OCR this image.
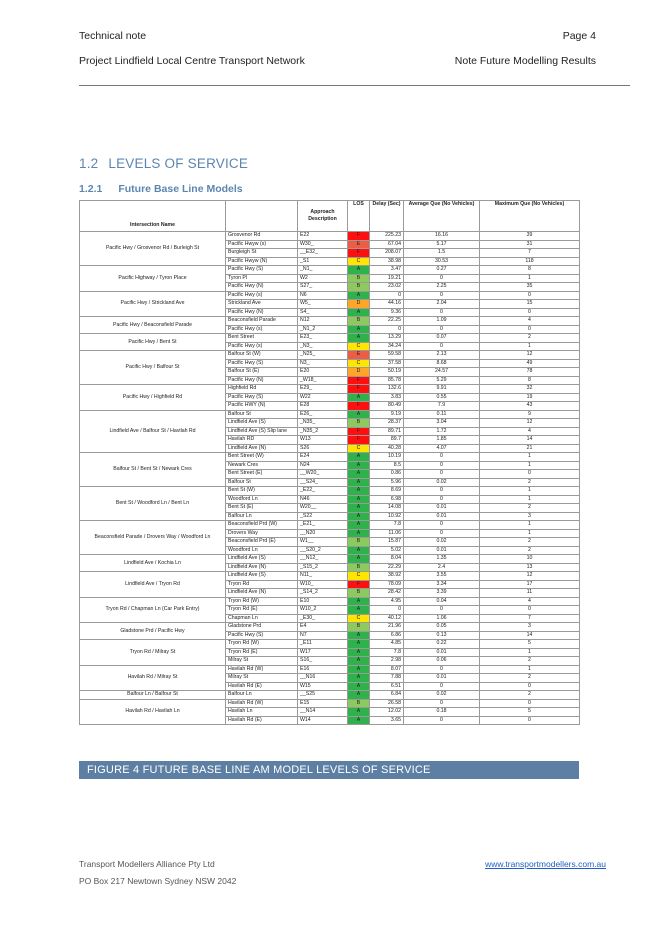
Technical note	Page 4
Project Lindfield Local Centre Transport Network	Note Future Modelling Results
1.2 LEVELS OF SERVICE
1.2.1 Future Base Line Models
Intersection Name		Approach Description	LOS	Delay (Sec)	Average Que (No Vehicles)	Maximum Que (No Vehicles)
Pacific Hwy / Grosvenor Rd / Burleigh St	Grosvenor Rd	E22	F	225.23	16.16	39
	Pacific Hwyw (s)	W30_	E	67.04	5.17	31
	Burgleigh St	__E32_	F	208.07	1.5	7
	Pacific Hwyw (N)	_S1	C	38.98	30.53	118
Pacific Highway / Tyron Place	Pacific Hwy (S)	_N1_	A	3.47	0.27	8
	Tyron Pl	W2	B	19.21	0	1
	Pacific Hwy (N)	S27_	B	23.02	2.25	35
Pacific Hwy / Strickland Ave	Pacific Hwy (s)	N6	A	0	0	0
	Strickland Ave	W5_	D	44.16	2.04	15
	Pacific Hwy (N)	S4_	A	9.36	0	0
Pacific Hwy / Beaconsfield Parade	Beaconsfield Parade	N12	B	22.25	1.09	4
	Pacific Hwy (s)	_N1_2	A	0	0	0
Pacific Hwy / Bent St	Bent Street	E23_	A	13.29	0.07	2
	Pacific Hwy (s)	_N3_	C	34.24	0	1
Pacific Hwy / Balfour St	Balfour St (W)	_N25_	E	59.58	2.13	12
	Pacific Hwy (S)	N3_	C	37.58	8.68	49
	Balfour St (E)	E20	D	50.19	24.57	78
	Pacific Hwy (N)	_W18_	F	85.78	5.29	8
Pacific Hwy / Highfield Rd	Highfield Rd	E29_	F	132.6	9.91	32
	Pacific Hwy (S)	W22	A	3.83	0.55	19
	Pacific HWY (N)	E28	F	80.49	7.9	43
Lindfield Ave / Balfour St / Havilah Rd	Balfour St	E26_	A	9.19	0.11	9
	Lindfield Ave (S)	_N35_	B	28.37	3.04	12
	Lindfield Ave (S) Slip lane	_N35_2	F	89.71	1.72	4
	Havilah RD	W13	F	89.7	1.85	14
	Lindfield Ave (N)	S26	C	40.28	4.07	21
Balfour St / Bent St / Newark Cres	Bent Street (W)	E24	A	10.19	0	1
	Newark Cres	N24	A	8.5	0	1
	Bent Street (E)	__W20_	A	0.86	0	0
	Balfour St	__S24_	A	5.96	0.02	2
Bent St / Woodford Ln / Bent Ln	Bent St (W)	_E22_	A	8.69	0	1
	Woodford Ln	N46	A	6.98	0	1
	Bent St (E)	W20__	A	14.08	0.01	2
	Balfour Ln	_S22	A	10.92	0.01	3
Beaconsfield Parade / Drovers Way / Woodford Ln	Beaconsfield Prd (W)	_E21_	A	7.8	0	1
	Drovers Way	__N20	A	11.06	0	1
	Beaconsfield Prd (E)	W1__	B	15.87	0.02	2
	Woodford Ln	__S20_2	A	5.02	0.01	2
Lindfield Ave / Kochia Ln	Lindfield Ave (S)	__N12_	A	8.04	1.35	10
	Lindfield Ave (N)	_S15_2	B	22.29	2.4	13
Lindfield Ave / Tryon Rd	Lindfield Ave (S)	N11_	C	38.92	3.55	12
	Tryon Rd	W10_	F	78.09	3.34	17
	Lindfield Ave (N)	_S14_2	B	28.42	3.39	11
Tryon Rd / Chapman Ln (Car Park Entry)	Tryon Rd (W)	E10	A	4.95	0.04	4
	Tryon Rd (E)	W10_2	A	0	0	0
	Chapman Ln	_E30_	C	40.12	1.06	7
Gladstone Prd / Pacific Hwy	Gladstone Prd	E4	B	21.96	0.05	3
	Pacific Hwy (S)	N7	A	6.86	0.13	14
Tryon Rd / Milray St	Tryon Rd (W)	_E11	A	4.85	0.22	5
	Tryon Rd (E)	W17	A	7.8	0.01	1
	Milray St	S16_	A	2.98	0.06	2
Havilah Rd / Milray St	Havilah Rd (W)	E16	A	8.07	0	1
	Milray St	__N16	A	7.88	0.01	2
	Havilah Rd (E)	W15	A	6.51	0	0
Balfour Ln / Balfour St	Balfour Ln	__S25	A	6.84	0.02	2
Havilah Rd / Havilah Ln	Havilah Rd (W)	E15	B	26.58	0	0
	Havilah Ln	__N14	A	12.02	0.18	5
	Havilah Rd (E)	W14	A	3.65	0	0
FIGURE 4 FUTURE BASE LINE AM MODEL LEVELS OF SERVICE
Transport Modellers Alliance Pty Ltd
PO Box 217 Newtown Sydney NSW 2042
www.transportmodellers.com.au
